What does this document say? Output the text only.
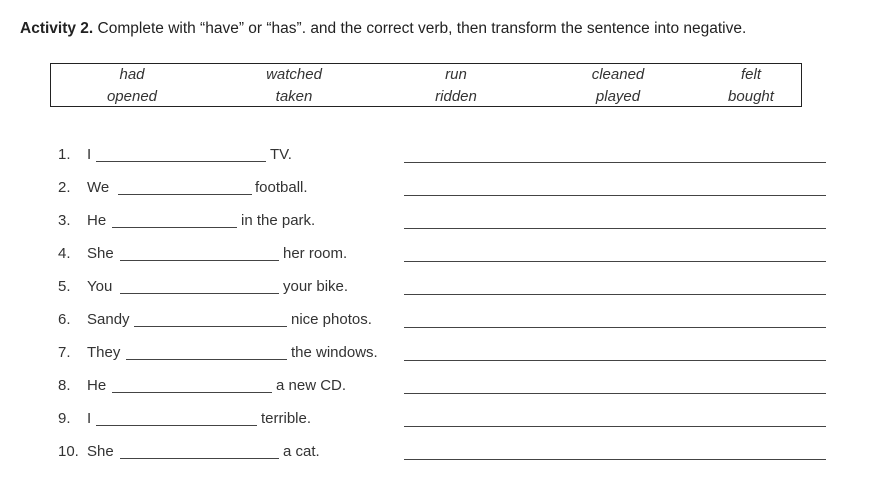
Activity 2. Complete with “have” or “has”. and the correct verb, then transform the sentence into negative.
had	watched	run	cleaned	felt
opened	taken	ridden	played	bought
1. I	TV.
2. We	football.
3. He	in the park.
4. She	her room.
5. You	your bike.
6. Sandy	nice photos.
7. They	the windows.
8. He	a new CD.
9. I	terrible.
10. She	a cat.
